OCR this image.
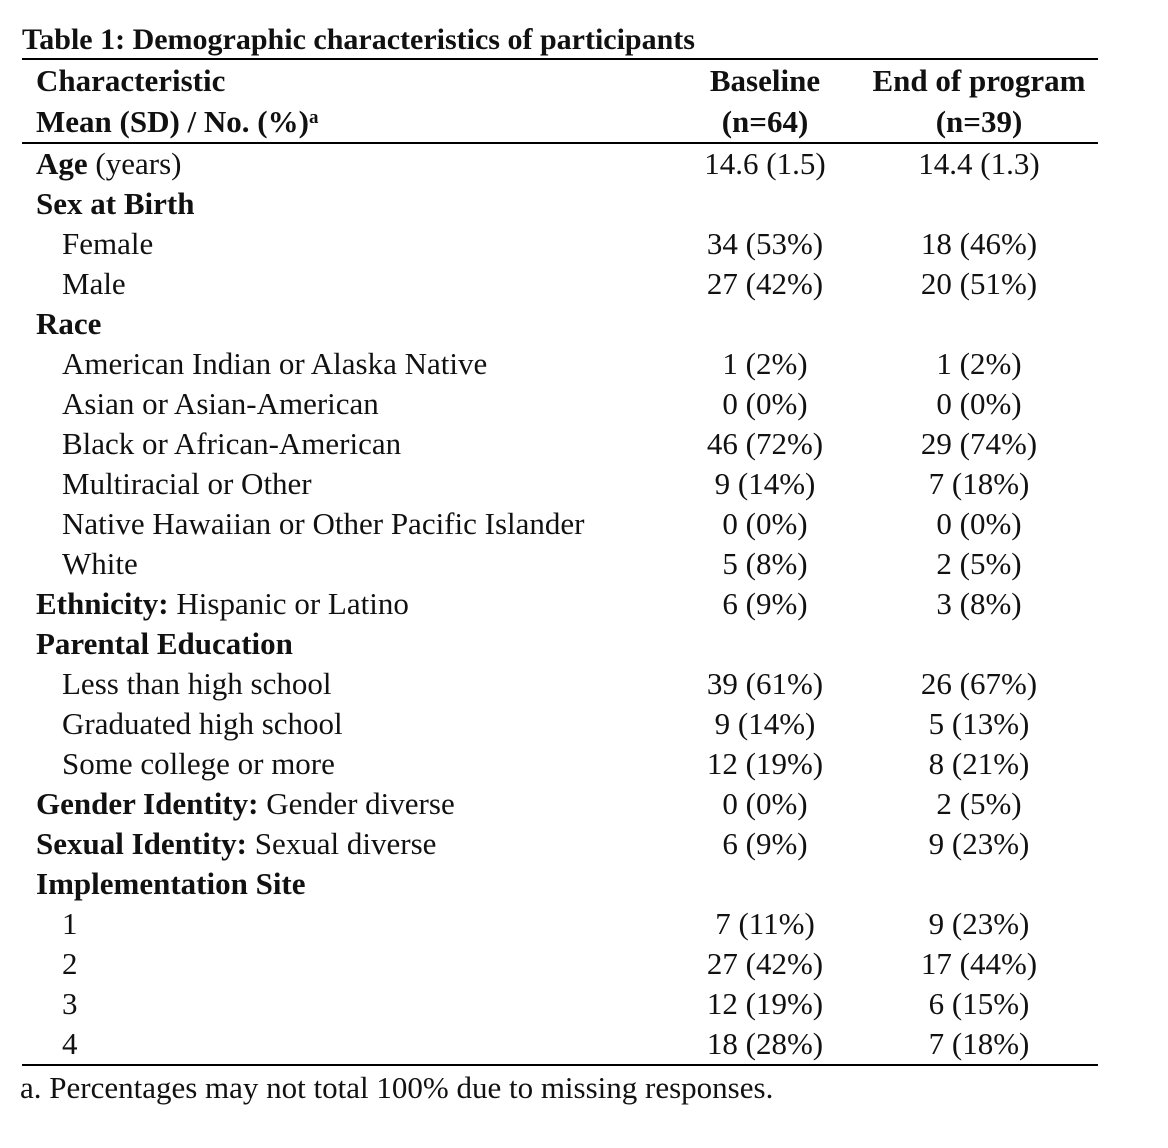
Table 1: Demographic characteristics of participants
Characteristic	Baseline	End of program
Mean (SD) / No. (%)$^a$	(n=64)	(n=39)
Age (years)	14.6 (1.5)	14.4 (1.3)
Sex at Birth		
Female	34 (53%)	18 (46%)
Male	27 (42%)	20 (51%)
Race		
American Indian or Alaska Native	1 (2%)	1 (2%)
Asian or Asian-American	0 (0%)	0 (0%)
Black or African-American	46 (72%)	29 (74%)
Multiracial or Other	9 (14%)	7 (18%)
Native Hawaiian or Other Pacific Islander	0 (0%)	0 (0%)
White	5 (8%)	2 (5%)
Ethnicity: Hispanic or Latino	6 (9%)	3 (8%)
Parental Education		
Less than high school	39 (61%)	26 (67%)
Graduated high school	9 (14%)	5 (13%)
Some college or more	12 (19%)	8 (21%)
Gender Identity: Gender diverse	0 (0%)	2 (5%)
Sexual Identity: Sexual diverse	6 (9%)	9 (23%)
Implementation Site		
1	7 (11%)	9 (23%)
2	27 (42%)	17 (44%)
3	12 (19%)	6 (15%)
4	18 (28%)	7 (18%)
a. Percentages may not total 100% due to missing responses.
